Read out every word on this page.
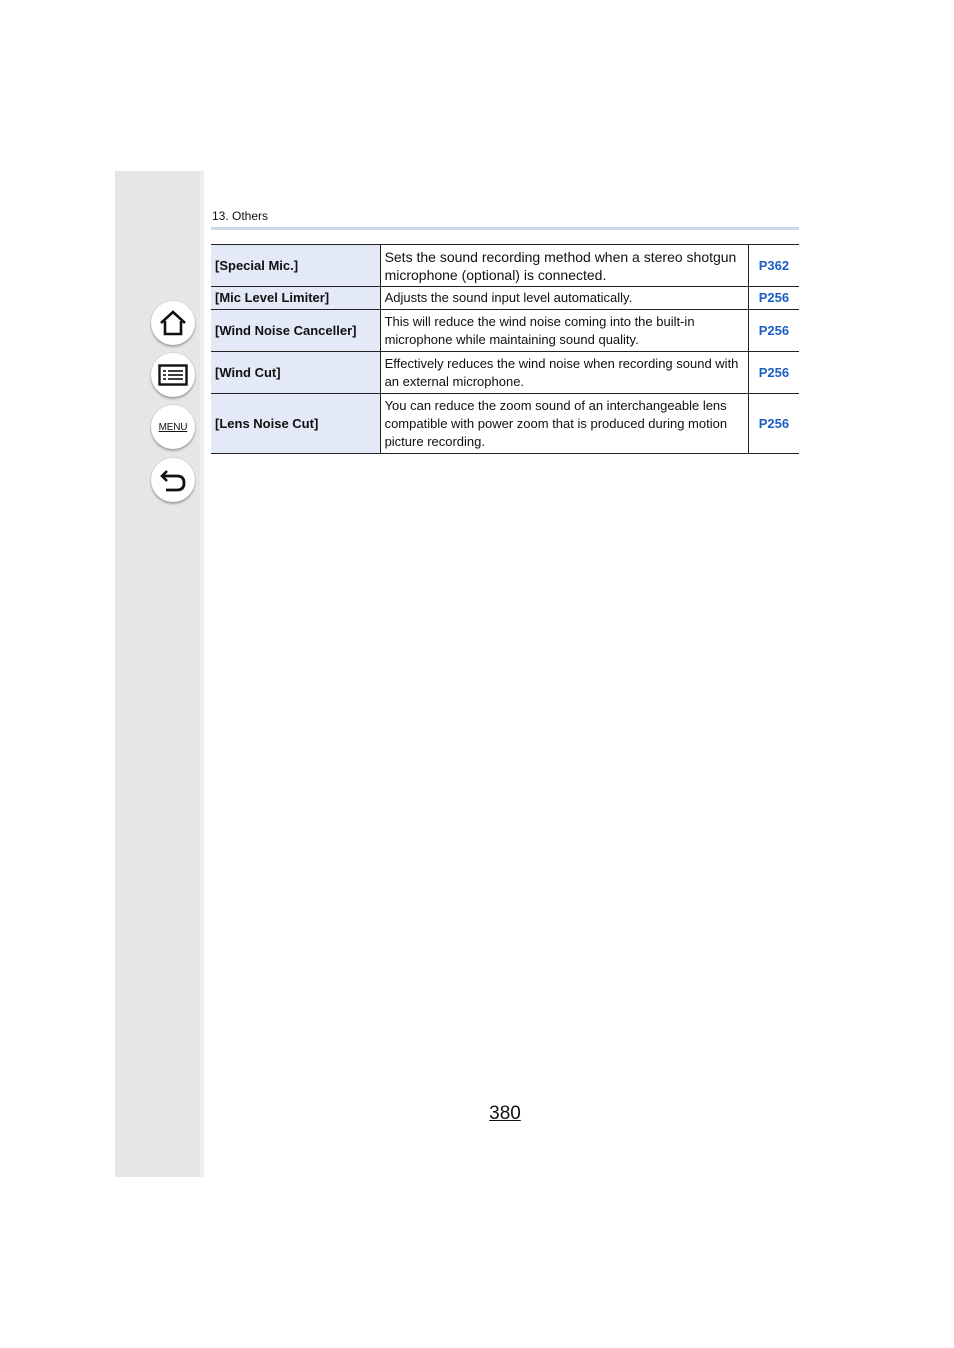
MENU
13. Others
[Special Mic.]	Sets the sound recording method when a stereo shotgun microphone (optional) is connected.	P362
[Mic Level Limiter]	Adjusts the sound input level automatically.	P256
[Wind Noise Canceller]	This will reduce the wind noise coming into the built-in microphone while maintaining sound quality.	P256
[Wind Cut]	Effectively reduces the wind noise when recording sound with an external microphone.	P256
[Lens Noise Cut]	You can reduce the zoom sound of an interchangeable lens compatible with power zoom that is produced during motion picture recording.	P256
380
